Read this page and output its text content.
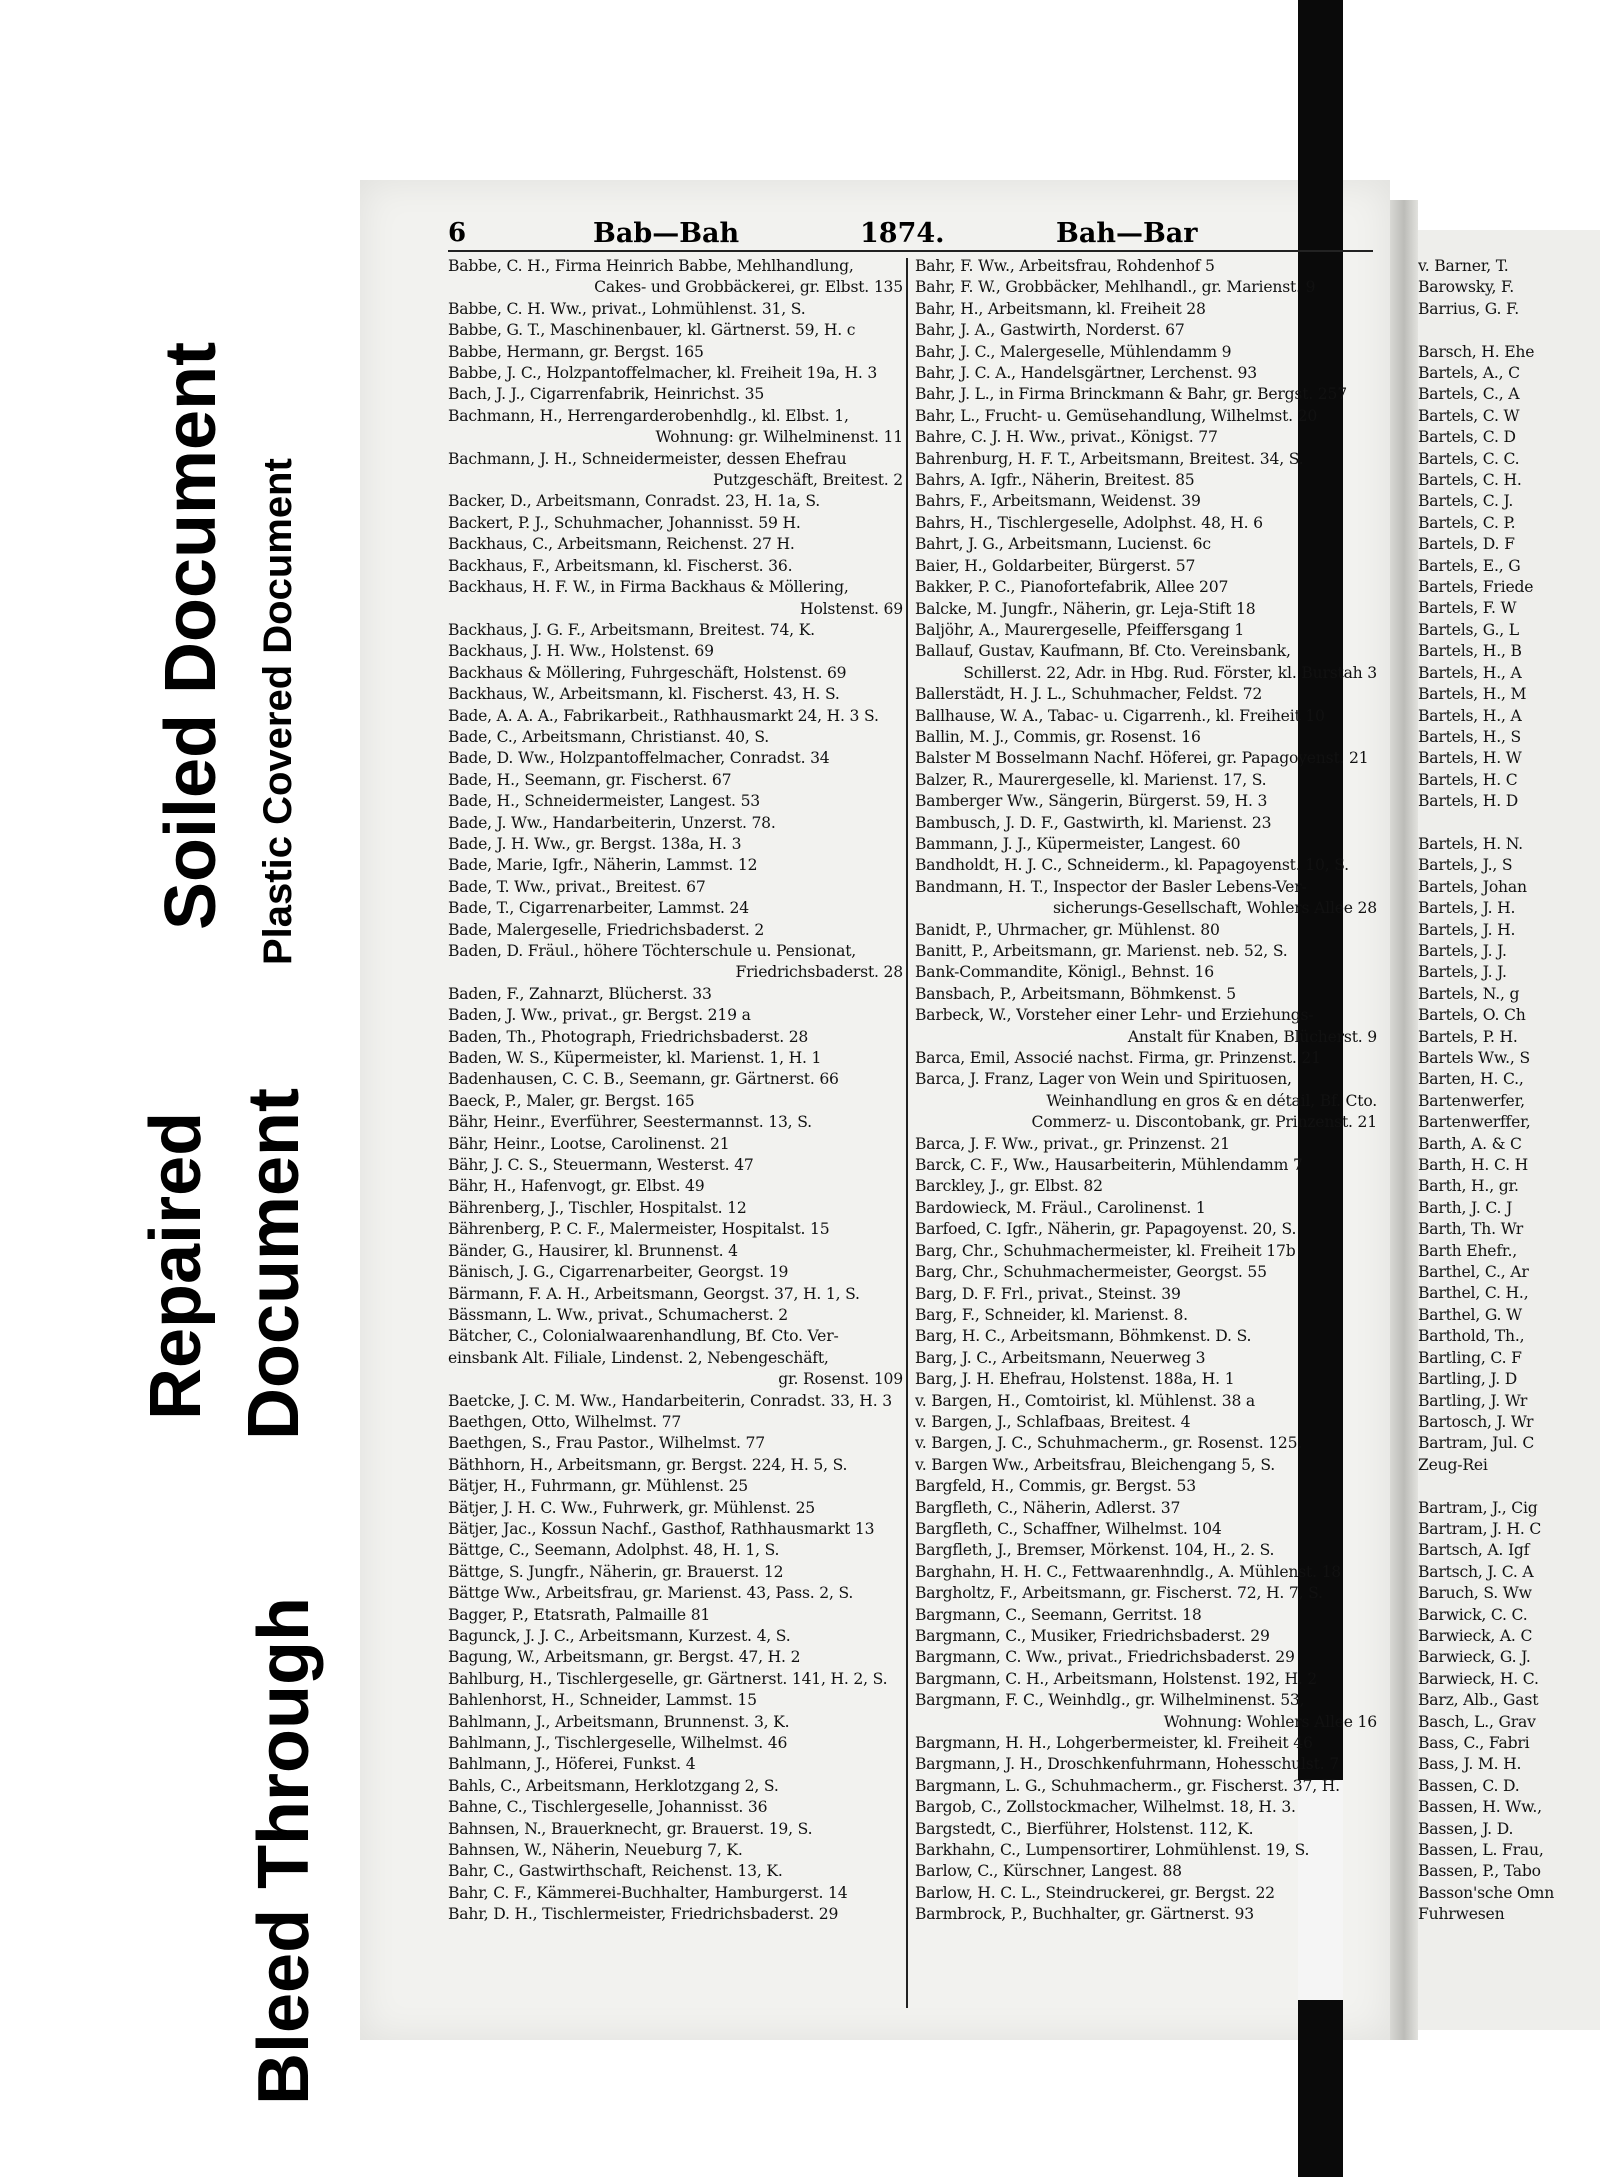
Soiled Document Plastic Covered Document
Repaired Document
Bleed Through
v. Barner, T.
Barowsky, F.
Barrius, G. F.
Barsch, H. Ehe
Bartels, A., C
Bartels, C., A
Bartels, C. W
Bartels, C. D
Bartels, C. C.
Bartels, C. H.
Bartels, C. J.
Bartels, C. P.
Bartels, D. F
Bartels, E., G
Bartels, Friede
Bartels, F. W
Bartels, G., L
Bartels, H., B
Bartels, H., A
Bartels, H., M
Bartels, H., A
Bartels, H., S
Bartels, H. W
Bartels, H. C
Bartels, H. D
Bartels, H. N.
Bartels, J., S
Bartels, Johan
Bartels, J. H.
Bartels, J. H.
Bartels, J. J.
Bartels, J. J.
Bartels, N., g
Bartels, O. Ch
Bartels, P. H.
Bartels Ww., S
Barten, H. C.,
Bartenwerfer,
Bartenwerffer,
Barth, A. & C
Barth, H. C. H
Barth, H., gr.
Barth, J. C. J
Barth, Th. Wr
Barth Ehefr.,
Barthel, C., Ar
Barthel, C. H.,
Barthel, G. W
Barthold, Th.,
Bartling, C. F
Bartling, J. D
Bartling, J. Wr
Bartosch, J. Wr
Bartram, Jul. C
Zeug-Rei
Bartram, J., Cig
Bartram, J. H. C
Bartsch, A. Igf
Bartsch, J. C. A
Baruch, S. Ww
Barwick, C. C.
Barwieck, A. C
Barwieck, G. J.
Barwieck, H. C.
Barz, Alb., Gast
Basch, L., Grav
Bass, C., Fabri
Bass, J. M. H.
Bassen, C. D.
Bassen, H. Ww.,
Bassen, J. D.
Bassen, L. Frau,
Bassen, P., Tabo
Basson'sche Omn
Fuhrwesen
6	Bab—Bah	1874.	Bah—Bar
Babbe, C. H., Firma Heinrich Babbe, Mehlhandlung,
Cakes- und Grobbäckerei, gr. Elbst. 135
Babbe, C. H. Ww., privat., Lohmühlenst. 31, S.
Babbe, G. T., Maschinenbauer, kl. Gärtnerst. 59, H. c
Babbe, Hermann, gr. Bergst. 165
Babbe, J. C., Holzpantoffelmacher, kl. Freiheit 19a, H. 3
Bach, J. J., Cigarrenfabrik, Heinrichst. 35
Bachmann, H., Herrengarderobenhdlg., kl. Elbst. 1,
Wohnung: gr. Wilhelminenst. 11
Bachmann, J. H., Schneidermeister, dessen Ehefrau
Putzgeschäft, Breitest. 2
Backer, D., Arbeitsmann, Conradst. 23, H. 1a, S.
Backert, P. J., Schuhmacher, Johannisst. 59 H.
Backhaus, C., Arbeitsmann, Reichenst. 27 H.
Backhaus, F., Arbeitsmann, kl. Fischerst. 36.
Backhaus, H. F. W., in Firma Backhaus & Möllering,
Holstenst. 69
Backhaus, J. G. F., Arbeitsmann, Breitest. 74, K.
Backhaus, J. H. Ww., Holstenst. 69
Backhaus & Möllering, Fuhrgeschäft, Holstenst. 69
Backhaus, W., Arbeitsmann, kl. Fischerst. 43, H. S.
Bade, A. A. A., Fabrikarbeit., Rathhausmarkt 24, H. 3 S.
Bade, C., Arbeitsmann, Christianst. 40, S.
Bade, D. Ww., Holzpantoffelmacher, Conradst. 34
Bade, H., Seemann, gr. Fischerst. 67
Bade, H., Schneidermeister, Langest. 53
Bade, J. Ww., Handarbeiterin, Unzerst. 78.
Bade, J. H. Ww., gr. Bergst. 138a, H. 3
Bade, Marie, Igfr., Näherin, Lammst. 12
Bade, T. Ww., privat., Breitest. 67
Bade, T., Cigarrenarbeiter, Lammst. 24
Bade, Malergeselle, Friedrichsbaderst. 2
Baden, D. Fräul., höhere Töchterschule u. Pensionat,
Friedrichsbaderst. 28
Baden, F., Zahnarzt, Blücherst. 33
Baden, J. Ww., privat., gr. Bergst. 219 a
Baden, Th., Photograph, Friedrichsbaderst. 28
Baden, W. S., Küpermeister, kl. Marienst. 1, H. 1
Badenhausen, C. C. B., Seemann, gr. Gärtnerst. 66
Baeck, P., Maler, gr. Bergst. 165
Bähr, Heinr., Everführer, Seestermannst. 13, S.
Bähr, Heinr., Lootse, Carolinenst. 21
Bähr, J. C. S., Steuermann, Westerst. 47
Bähr, H., Hafenvogt, gr. Elbst. 49
Bährenberg, J., Tischler, Hospitalst. 12
Bährenberg, P. C. F., Malermeister, Hospitalst. 15
Bänder, G., Hausirer, kl. Brunnenst. 4
Bänisch, J. G., Cigarrenarbeiter, Georgst. 19
Bärmann, F. A. H., Arbeitsmann, Georgst. 37, H. 1, S.
Bässmann, L. Ww., privat., Schumacherst. 2
Bätcher, C., Colonialwaarenhandlung, Bf. Cto. Ver-
einsbank Alt. Filiale, Lindenst. 2, Nebengeschäft,
gr. Rosenst. 109
Baetcke, J. C. M. Ww., Handarbeiterin, Conradst. 33, H. 3
Baethgen, Otto, Wilhelmst. 77
Baethgen, S., Frau Pastor., Wilhelmst. 77
Bäthhorn, H., Arbeitsmann, gr. Bergst. 224, H. 5, S.
Bätjer, H., Fuhrmann, gr. Mühlenst. 25
Bätjer, J. H. C. Ww., Fuhrwerk, gr. Mühlenst. 25
Bätjer, Jac., Kossun Nachf., Gasthof, Rathhausmarkt 13
Bättge, C., Seemann, Adolphst. 48, H. 1, S.
Bättge, S. Jungfr., Näherin, gr. Brauerst. 12
Bättge Ww., Arbeitsfrau, gr. Marienst. 43, Pass. 2, S.
Bagger, P., Etatsrath, Palmaille 81
Bagunck, J. J. C., Arbeitsmann, Kurzest. 4, S.
Bagung, W., Arbeitsmann, gr. Bergst. 47, H. 2
Bahlburg, H., Tischlergeselle, gr. Gärtnerst. 141, H. 2, S.
Bahlenhorst, H., Schneider, Lammst. 15
Bahlmann, J., Arbeitsmann, Brunnenst. 3, K.
Bahlmann, J., Tischlergeselle, Wilhelmst. 46
Bahlmann, J., Höferei, Funkst. 4
Bahls, C., Arbeitsmann, Herklotzgang 2, S.
Bahne, C., Tischlergeselle, Johannisst. 36
Bahnsen, N., Brauerknecht, gr. Brauerst. 19, S.
Bahnsen, W., Näherin, Neueburg 7, K.
Bahr, C., Gastwirthschaft, Reichenst. 13, K.
Bahr, C. F., Kämmerei-Buchhalter, Hamburgerst. 14
Bahr, D. H., Tischlermeister, Friedrichsbaderst. 29
Bahr, F. Ww., Arbeitsfrau, Rohdenhof 5
Bahr, F. W., Grobbäcker, Mehlhandl., gr. Marienst. 9
Bahr, H., Arbeitsmann, kl. Freiheit 28
Bahr, J. A., Gastwirth, Norderst. 67
Bahr, J. C., Malergeselle, Mühlendamm 9
Bahr, J. C. A., Handelsgärtner, Lerchenst. 93
Bahr, J. L., in Firma Brinckmann & Bahr, gr. Bergst. 257
Bahr, L., Frucht- u. Gemüsehandlung, Wilhelmst. 20
Bahre, C. J. H. Ww., privat., Königst. 77
Bahrenburg, H. F. T., Arbeitsmann, Breitest. 34, S.
Bahrs, A. Igfr., Näherin, Breitest. 85
Bahrs, F., Arbeitsmann, Weidenst. 39
Bahrs, H., Tischlergeselle, Adolphst. 48, H. 6
Bahrt, J. G., Arbeitsmann, Lucienst. 6c
Baier, H., Goldarbeiter, Bürgerst. 57
Bakker, P. C., Pianofortefabrik, Allee 207
Balcke, M. Jungfr., Näherin, gr. Leja-Stift 18
Baljöhr, A., Maurergeselle, Pfeiffersgang 1
Ballauf, Gustav, Kaufmann, Bf. Cto. Vereinsbank,
Schillerst. 22, Adr. in Hbg. Rud. Förster, kl. Burstah 3
Ballerstädt, H. J. L., Schuhmacher, Feldst. 72
Ballhause, W. A., Tabac- u. Cigarrenh., kl. Freiheit 10
Ballin, M. J., Commis, gr. Rosenst. 16
Balster M Bosselmann Nachf. Höferei, gr. Papagoyenst. 21
Balzer, R., Maurergeselle, kl. Marienst. 17, S.
Bamberger Ww., Sängerin, Bürgerst. 59, H. 3
Bambusch, J. D. F., Gastwirth, kl. Marienst. 23
Bammann, J. J., Küpermeister, Langest. 60
Bandholdt, H. J. C., Schneiderm., kl. Papagoyenst. 10, S.
Bandmann, H. T., Inspector der Basler Lebens-Ver-
sicherungs-Gesellschaft, Wohlers Allee 28
Banidt, P., Uhrmacher, gr. Mühlenst. 80
Banitt, P., Arbeitsmann, gr. Marienst. neb. 52, S.
Bank-Commandite, Königl., Behnst. 16
Bansbach, P., Arbeitsmann, Böhmkenst. 5
Barbeck, W., Vorsteher einer Lehr- und Erziehungs-
Anstalt für Knaben, Blücherst. 9
Barca, Emil, Associé nachst. Firma, gr. Prinzenst. 21
Barca, J. Franz, Lager von Wein und Spirituosen,
Weinhandlung en gros & en détail, Bf. Cto.
Commerz- u. Discontobank, gr. Prinzenst. 21
Barca, J. F. Ww., privat., gr. Prinzenst. 21
Barck, C. F., Ww., Hausarbeiterin, Mühlendamm 7
Barckley, J., gr. Elbst. 82
Bardowieck, M. Fräul., Carolinenst. 1
Barfoed, C. Igfr., Näherin, gr. Papagoyenst. 20, S.
Barg, Chr., Schuhmachermeister, kl. Freiheit 17b
Barg, Chr., Schuhmachermeister, Georgst. 55
Barg, D. F. Frl., privat., Steinst. 39
Barg, F., Schneider, kl. Marienst. 8.
Barg, H. C., Arbeitsmann, Böhmkenst. D. S.
Barg, J. C., Arbeitsmann, Neuerweg 3
Barg, J. H. Ehefrau, Holstenst. 188a, H. 1
v. Bargen, H., Comtoirist, kl. Mühlenst. 38 a
v. Bargen, J., Schlafbaas, Breitest. 4
v. Bargen, J. C., Schuhmacherm., gr. Rosenst. 125.
v. Bargen Ww., Arbeitsfrau, Bleichengang 5, S.
Bargfeld, H., Commis, gr. Bergst. 53
Bargfleth, C., Näherin, Adlerst. 37
Bargfleth, C., Schaffner, Wilhelmst. 104
Bargfleth, J., Bremser, Mörkenst. 104, H., 2. S.
Barghahn, H. H. C., Fettwaarenhndlg., A. Mühlenst. 18
Bargholtz, F., Arbeitsmann, gr. Fischerst. 72, H. 7, S.
Bargmann, C., Seemann, Gerritst. 18
Bargmann, C., Musiker, Friedrichsbaderst. 29
Bargmann, C. Ww., privat., Friedrichsbaderst. 29
Bargmann, C. H., Arbeitsmann, Holstenst. 192, H. 2
Bargmann, F. C., Weinhdlg., gr. Wilhelminenst. 53,
Wohnung: Wohlers Allee 16
Bargmann, H. H., Lohgerbermeister, kl. Freiheit 46
Bargmann, J. H., Droschkenfuhrmann, Hohesschulst. 7
Bargmann, L. G., Schuhmacherm., gr. Fischerst. 37, H.
Bargob, C., Zollstockmacher, Wilhelmst. 18, H. 3.
Bargstedt, C., Bierführer, Holstenst. 112, K.
Barkhahn, C., Lumpensortirer, Lohmühlenst. 19, S.
Barlow, C., Kürschner, Langest. 88
Barlow, H. C. L., Steindruckerei, gr. Bergst. 22
Barmbrock, P., Buchhalter, gr. Gärtnerst. 93
